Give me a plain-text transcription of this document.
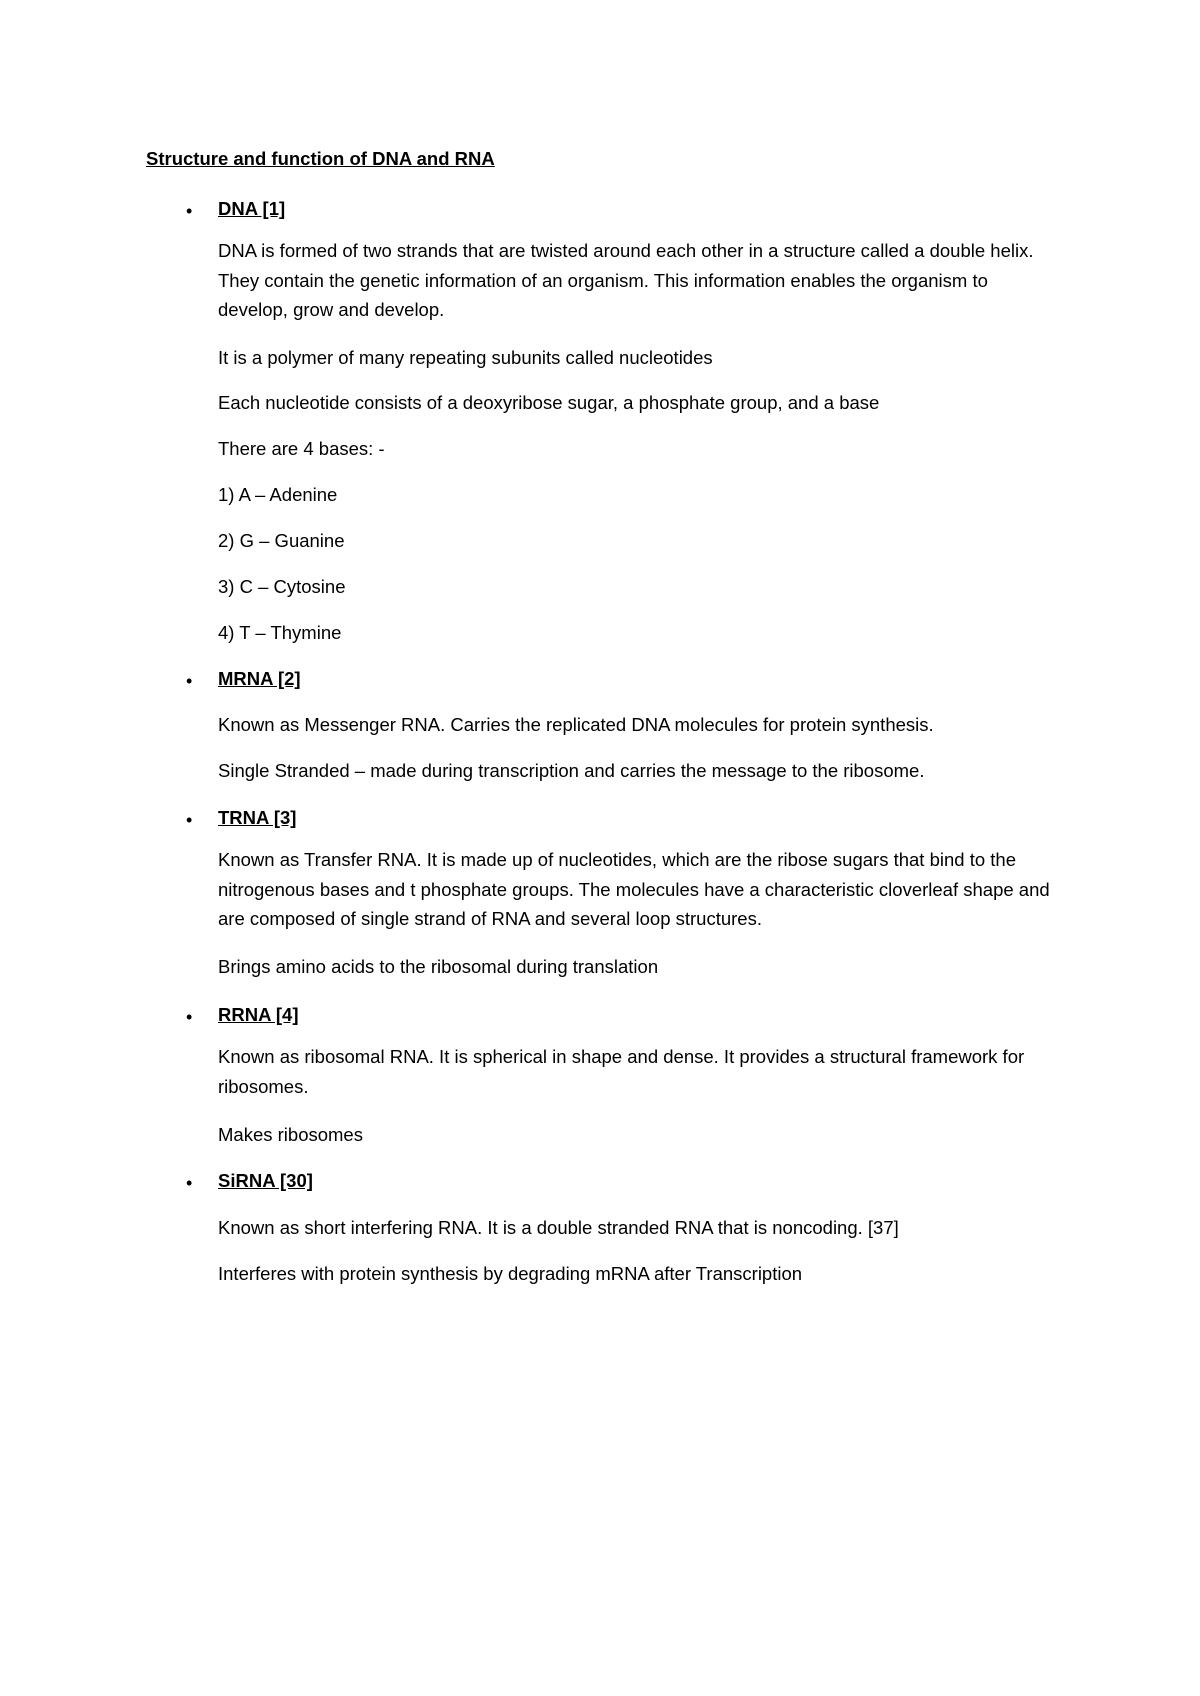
Structure and function of DNA and RNA
• DNA [1]
DNA is formed of two strands that are twisted around each other in a structure called a double helix. They contain the genetic information of an organism. This information enables the organism to develop, grow and develop.
It is a polymer of many repeating subunits called nucleotides
Each nucleotide consists of a deoxyribose sugar, a phosphate group, and a base
There are 4 bases: -
1) A – Adenine
2) G – Guanine
3) C – Cytosine
4) T – Thymine
• MRNA [2]
Known as Messenger RNA. Carries the replicated DNA molecules for protein synthesis.
Single Stranded – made during transcription and carries the message to the ribosome.
• TRNA [3]
Known as Transfer RNA. It is made up of nucleotides, which are the ribose sugars that bind to the nitrogenous bases and t phosphate groups. The molecules have a characteristic cloverleaf shape and are composed of single strand of RNA and several loop structures.
Brings amino acids to the ribosomal during translation
• RRNA [4]
Known as ribosomal RNA. It is spherical in shape and dense. It provides a structural framework for ribosomes.
Makes ribosomes
• SiRNA [30]
Known as short interfering RNA. It is a double stranded RNA that is noncoding. [37]
Interferes with protein synthesis by degrading mRNA after Transcription
